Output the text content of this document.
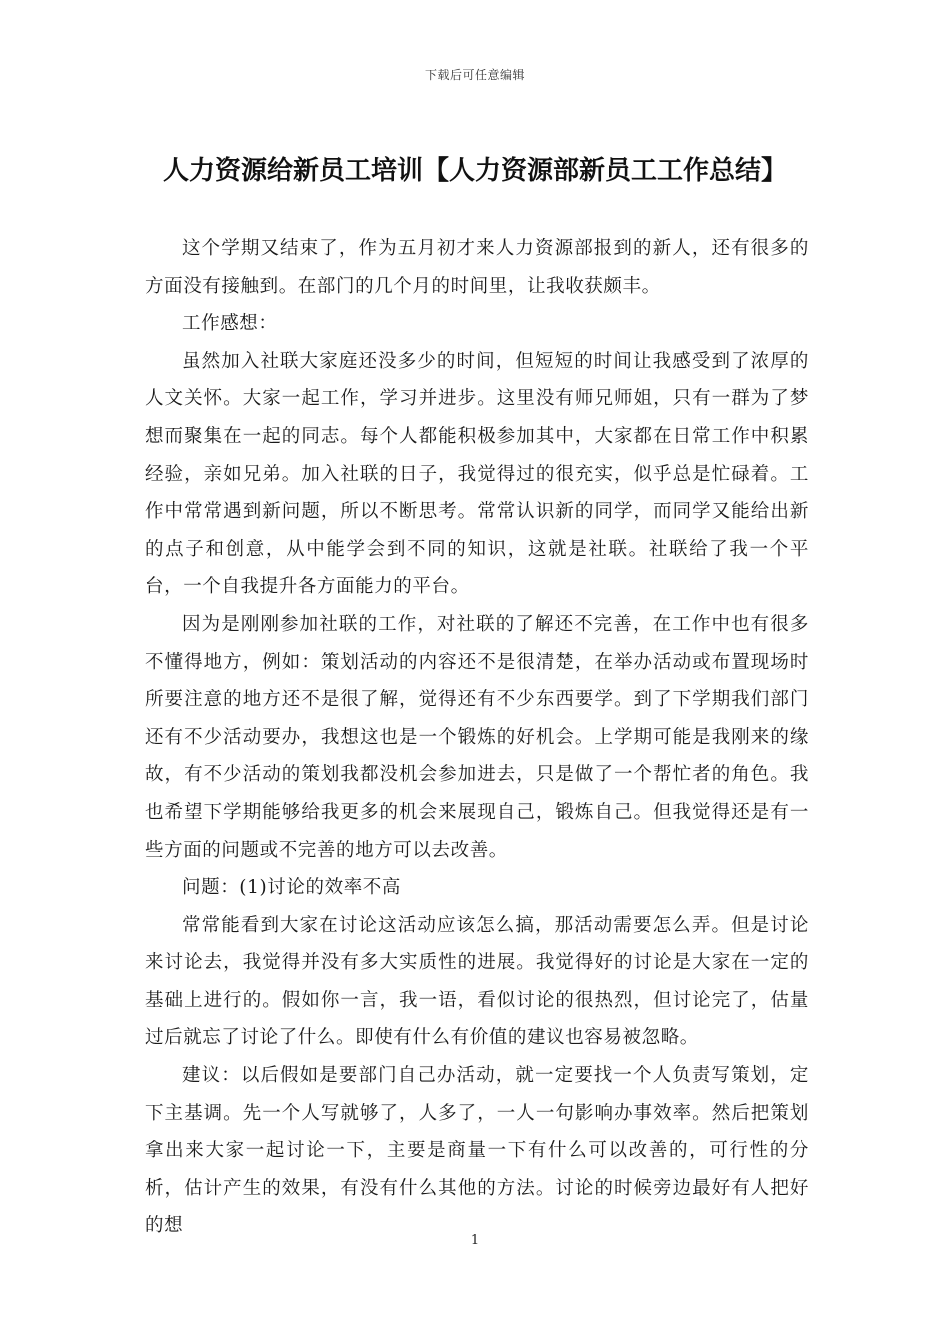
下载后可任意编辑
人力资源给新员工培训【人力资源部新员工工作总结】

这个学期又结束了，作为五月初才来人力资源部报到的新人，还有很多的方面没有接触到。在部门的几个月的时间里，让我收获颇丰。

工作感想：

虽然加入社联大家庭还没多少的时间，但短短的时间让我感受到了浓厚的人文关怀。大家一起工作，学习并进步。这里没有师兄师姐，只有一群为了梦想而聚集在一起的同志。每个人都能积极参加其中，大家都在日常工作中积累经验，亲如兄弟。加入社联的日子，我觉得过的很充实，似乎总是忙碌着。工作中常常遇到新问题，所以不断思考。常常认识新的同学，而同学又能给出新的点子和创意，从中能学会到不同的知识，这就是社联。社联给了我一个平台，一个自我提升各方面能力的平台。

因为是刚刚参加社联的工作，对社联的了解还不完善，在工作中也有很多不懂得地方，例如：策划活动的内容还不是很清楚，在举办活动或布置现场时所要注意的地方还不是很了解，觉得还有不少东西要学。到了下学期我们部门还有不少活动要办，我想这也是一个锻炼的好机会。上学期可能是我刚来的缘故，有不少活动的策划我都没机会参加进去，只是做了一个帮忙者的角色。我也希望下学期能够给我更多的机会来展现自己，锻炼自己。但我觉得还是有一些方面的问题或不完善的地方可以去改善。

问题：(1)讨论的效率不高

常常能看到大家在讨论这活动应该怎么搞，那活动需要怎么弄。但是讨论来讨论去，我觉得并没有多大实质性的进展。我觉得好的讨论是大家在一定的基础上进行的。假如你一言，我一语，看似讨论的很热烈，但讨论完了，估量过后就忘了讨论了什么。即使有什么有价值的建议也容易被忽略。

建议：以后假如是要部门自己办活动，就一定要找一个人负责写策划，定下主基调。先一个人写就够了，人多了，一人一句影响办事效率。然后把策划拿出来大家一起讨论一下，主要是商量一下有什么可以改善的，可行性的分析，估计产生的效果，有没有什么其他的方法。讨论的时候旁边最好有人把好的想

1
